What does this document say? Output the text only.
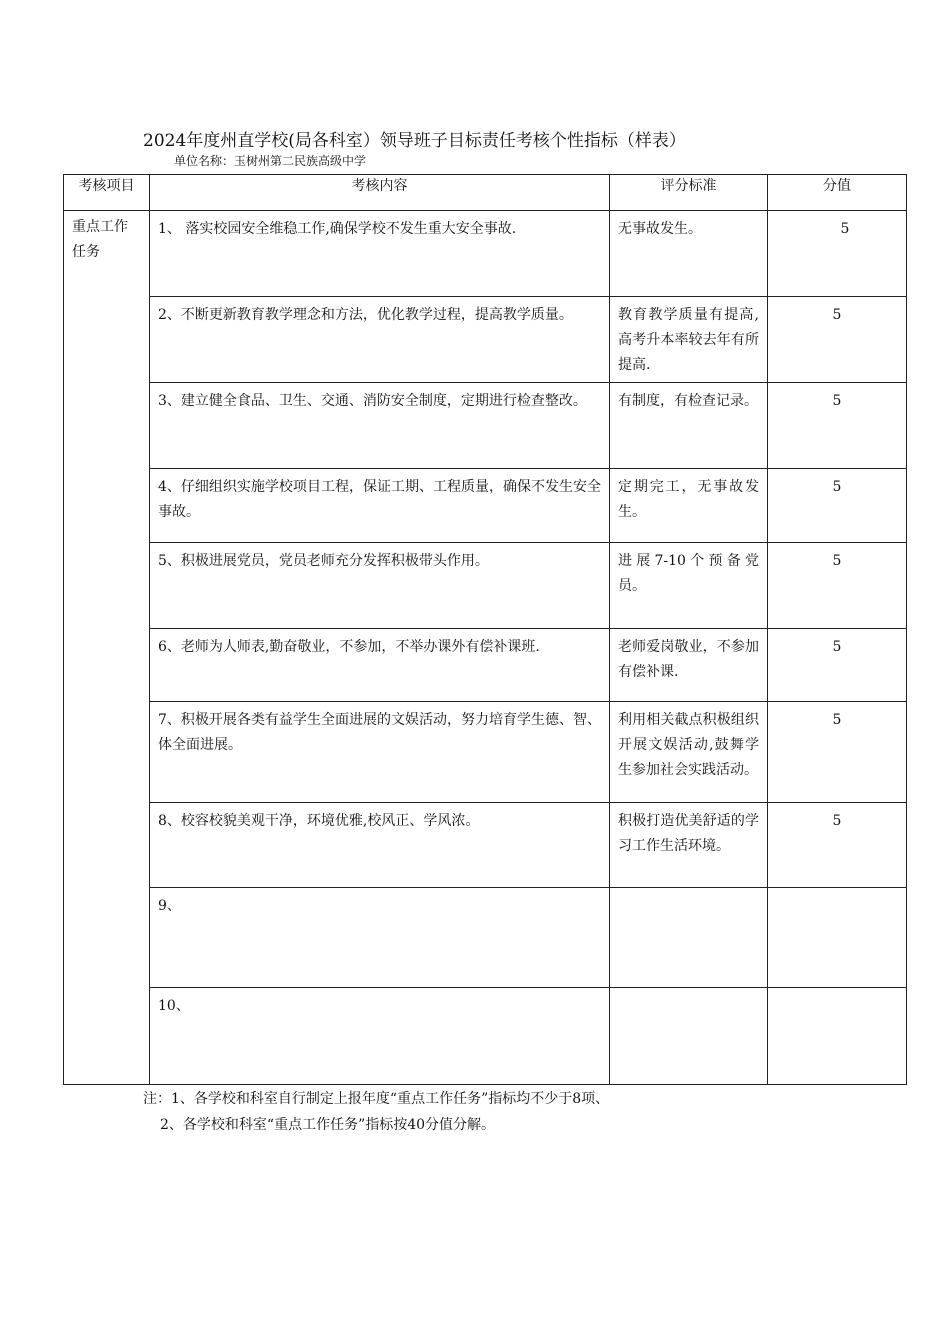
2024年度州直学校(局各科室）领导班子目标责任考核个性指标（样表）
单位名称：玉树州第二民族高级中学
考核项目	考核内容	评分标准	分值

重点工作任务	1、 落实校园安全维稳工作,确保学校不发生重大安全事故.	无事故发生。	5

	2、不断更新教育教学理念和方法，优化教学过程，提高教学质量。	教育教学质量有提高,高考升本率较去年有所提高.	5

	3、建立健全食品、卫生、交通、消防安全制度，定期进行检查整改。	有制度，有检查记录。	5

	4、仔细组织实施学校项目工程，保证工期、工程质量，确保不发生安全事故。	定期完工，无事故发生。	5

	5、积极进展党员，党员老师充分发挥积极带头作用。	进展7-10个预备党员。	5

	6、老师为人师表,勤奋敬业，不参加，不举办课外有偿补课班.	老师爱岗敬业，不参加有偿补课.	5

	7、积极开展各类有益学生全面进展的文娱活动，努力培育学生德、智、体全面进展。	利用相关截点积极组织开展文娱活动,鼓舞学生参加社会实践活动。	5

	8、校容校貌美观干净，环境优雅,校风正、学风浓。	积极打造优美舒适的学习工作生活环境。	5

	9、		

	10、		

注：1、各学校和科室自行制定上报年度“重点工作任务”指标均不少于8项、
2、各学校和科室“重点工作任务”指标按40分值分解。
